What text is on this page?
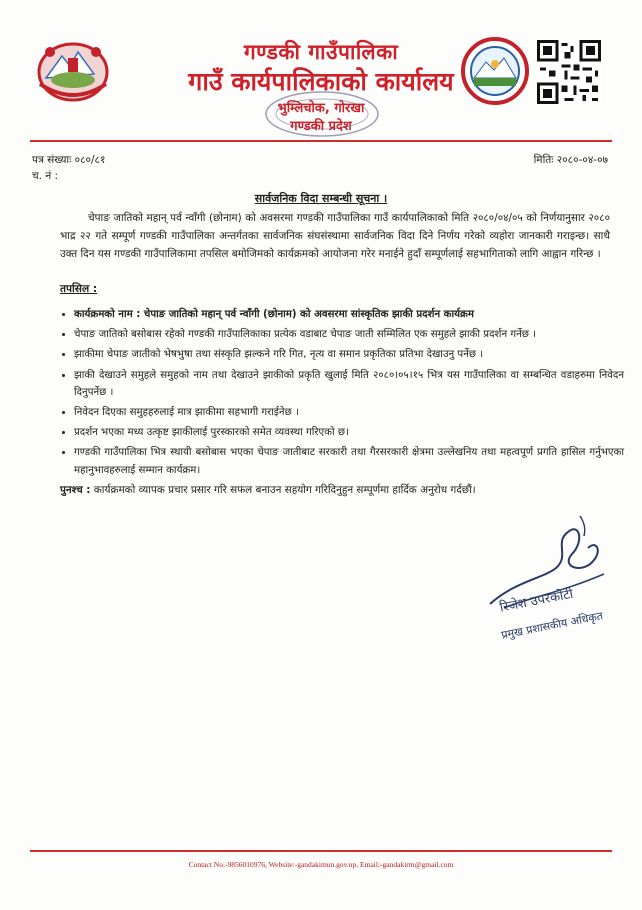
गण्डकी गाउँपालिका
गाउँ कार्यपालिकाको कार्यालय
भुम्लिचोक, गोरखा
गण्डकी प्रदेश
पत्र संख्याः ०८०/८१
च. नं :
मितिः २०८०-०४-०७
सार्वजनिक विदा सम्बन्धी सूचना ।
चेपाङ जातिको महान् पर्व न्वाँगी (छोनाम) को अवसरमा गण्डकी गाउँपालिका गाउँ कार्यपालिकाको मिति २०८०/०४/०५ को निर्णयानुसार २०८० भाद्र २२ गते सम्पूर्ण गण्डकी गाउँपालिका अन्तर्गतका सार्वजनिक संघसंस्थामा सार्वजनिक विदा दिने निर्णय गरेको व्यहोरा जानकारी गराइन्छ। साथै उक्त दिन यस गण्डकी गाउँपालिकामा तपसिल बमोजिमको कार्यक्रमको आयोजना गरेर मनाईने हुदाँ सम्पूर्णलाई सहभागिताको लागि आह्वान गरिन्छ ।
तपसिल :
• कार्यक्रमको नाम : चेपाङ जातिको महान् पर्व न्वाँगी (छोनाम) को अवसरमा सांस्कृतिक झाकी प्रदर्शन कार्यक्रम
• चेपाङ जातिको बसोबास रहेको गण्डकी गाउँपालिकाका प्रत्येक वडाबाट चेपाङ जाती सम्मिलित एक समुहले झाकी प्रदर्शन गर्नेछ ।
• झाकीमा चेपाङ जातीको भेषभुषा तथा संस्कृति झल्कने गरि गित, नृत्य वा समान प्रकृतिका प्रतिभा देखाउनु पर्नेछ ।
• झाकी देखाउने समुहले समुहको नाम तथा देखाउने झाकीको प्रकृति खुलाई मिति २०८०।०५।१५ भित्र यस गाउँपालिका वा सम्बन्धित वडाहरुमा निवेदन दिनुपर्नेछ ।
• निवेदन दिएका समुहहरुलाई मात्र झाकीमा सहभागी गराईनेछ ।
• प्रदर्शन भएका मध्य उत्कृष्ट झाकीलाई पुरस्कारको समेत व्यवस्था गरिएको छ।
• गण्डकी गाउँपालिका भित्र स्थायी बसोबास भएका चेपाङ जातीबाट सरकारी तथा गैरसरकारी क्षेत्रमा उल्लेखनिय तथा महत्वपूर्ण प्रगति हासिल गर्नुभएका महानुभावहरुलाई सम्मान कार्यक्रम।
पुनश्च : कार्यक्रमको व्यापक प्रचार प्रसार गरि सफल बनाउन सहयोग गरिदिनुहुन सम्पूर्णमा हार्दिक अनुरोध गर्दछौं।
रिजेश उपरकोटी
प्रमुख प्रशासकीय अधिकृत
Contact No:-9856010976, Website:-gandakimun.gov.np, Email:-gandakirm@gmail.com
